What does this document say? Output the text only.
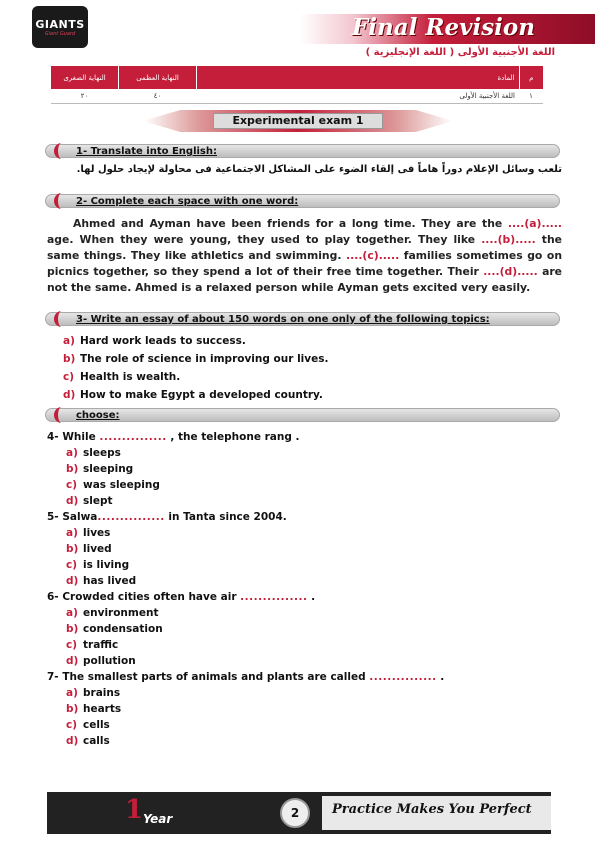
GIANTS
Giant Guard	Final Revision
اللغة الأجنبية الأولى ( اللغة الإنجليزية )
م	المادة	النهاية العظمى	النهاية الصغرى
١	اللغة الأجنبية الأولى	٤٠	٢٠
Experimental exam 1
1- Translate into English:
تلعب وسائل الإعلام دوراً هاماً فى إلقاء الضوء على المشاكل الاجتماعية فى محاولة لإيجاد حلول لها.
2- Complete each space with one word:
Ahmed and Ayman have been friends for a long time. They are the ....(a)..... age. When they were young, they used to play together. They like ....(b)..... the same things. They like athletics and swimming. ....(c)..... families sometimes go on picnics together, so they spend a lot of their free time together. Their ....(d)..... are not the same. Ahmed is a relaxed person while Ayman gets excited very easily.
3- Write an essay of about 150 words on one only of the following topics:
a) Hard work leads to success.
b) The role of science in improving our lives.
c) Health is wealth.
d) How to make Egypt a developed country.
choose:
4- While ............... , the telephone rang .
a) sleeps
b) sleeping
c) was sleeping
d) slept
5- Salwa............... in Tanta since 2004.
a) lives
b) lived
c) is living
d) has lived
6- Crowded cities often have air ............... .
a) environment
b) condensation
c) traffic
d) pollution
7- The smallest parts of animals and plants are called ............... .
a) brains
b) hearts
c) cells
d) calls
1 Year	2	Practice Makes You Perfect
